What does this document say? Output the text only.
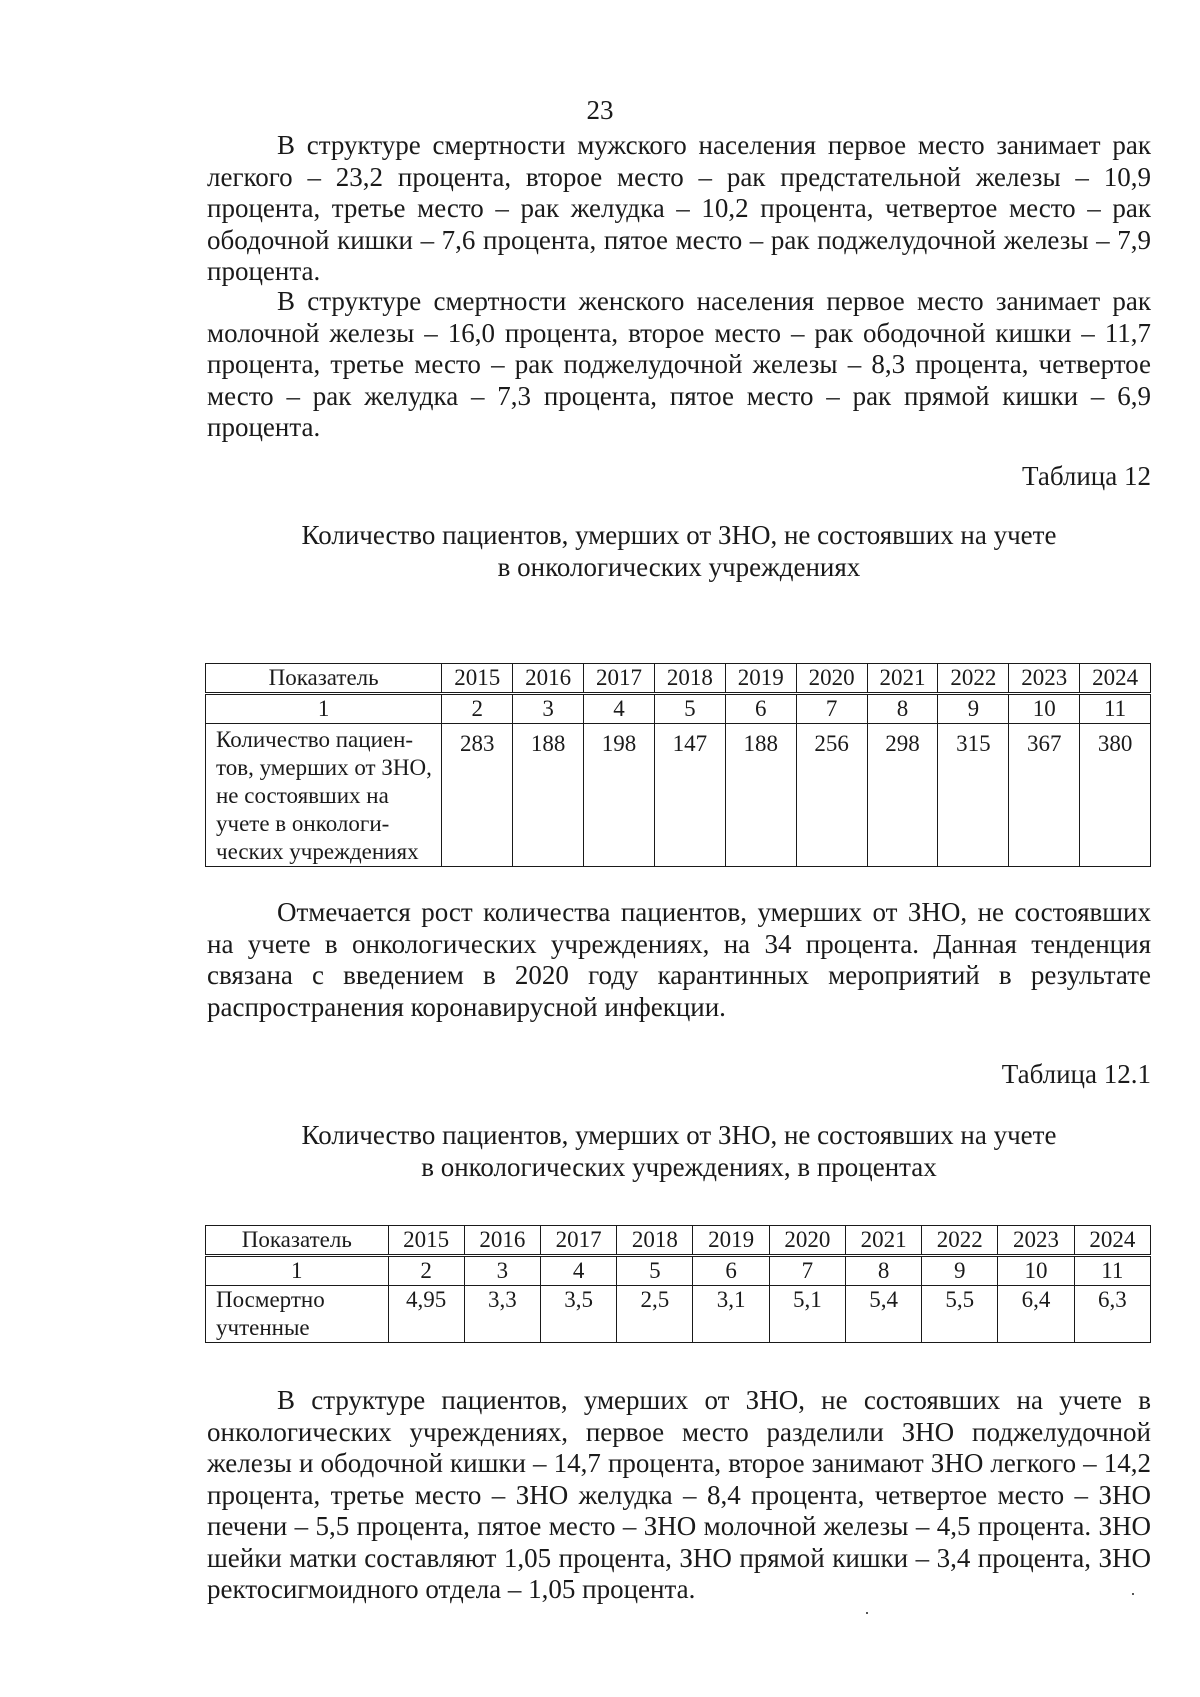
23

В структуре смертности мужского населения первое место занимает рак легкого – 23,2 процента, второе место – рак предстательной железы – 10,9 процента, третье место – рак желудка – 10,2 процента, четвертое место – рак ободочной кишки – 7,6 процента, пятое место – рак поджелудочной железы – 7,9 процента.

В структуре смертности женского населения первое место занимает рак молочной железы – 16,0 процента, второе место – рак ободочной кишки – 11,7 процента, третье место – рак поджелудочной железы – 8,3 процента, четвертое место – рак желудка – 7,3 процента, пятое место – рак прямой кишки – 6,9 процента.

Таблица 12
Количество пациентов, умерших от ЗНО, не состоявших на учете
в онкологических учреждениях
Показатель	2015	2016	2017	2018	2019	2020	2021	2022	2023	2024
1	2	3	4	5	6	7	8	9	10	11
Количество пациен-тов, умерших от ЗНО, не состоявших на учете в онкологи-ческих учреждениях	283	188	198	147	188	256	298	315	367	380

Отмечается рост количества пациентов, умерших от ЗНО, не состоявших на учете в онкологических учреждениях, на 34 процента. Данная тенденция связана с введением в 2020 году карантинных мероприятий в результате распространения коронавирусной инфекции.

Таблица 12.1
Количество пациентов, умерших от ЗНО, не состоявших на учете
в онкологических учреждениях, в процентах
Показатель	2015	2016	2017	2018	2019	2020	2021	2022	2023	2024
1	2	3	4	5	6	7	8	9	10	11
Посмертно учтенные	4,95	3,3	3,5	2,5	3,1	5,1	5,4	5,5	6,4	6,3

В структуре пациентов, умерших от ЗНО, не состоявших на учете в онкологических учреждениях, первое место разделили ЗНО поджелудочной железы и ободочной кишки – 14,7 процента, второе занимают ЗНО легкого – 14,2 процента, третье место – ЗНО желудка – 8,4 процента, четвертое место – ЗНО печени – 5,5 процента, пятое место – ЗНО молочной железы – 4,5 процента. ЗНО шейки матки составляют 1,05 процента, ЗНО прямой кишки – 3,4 процента, ЗНО ректосигмоидного отдела – 1,05 процента.
